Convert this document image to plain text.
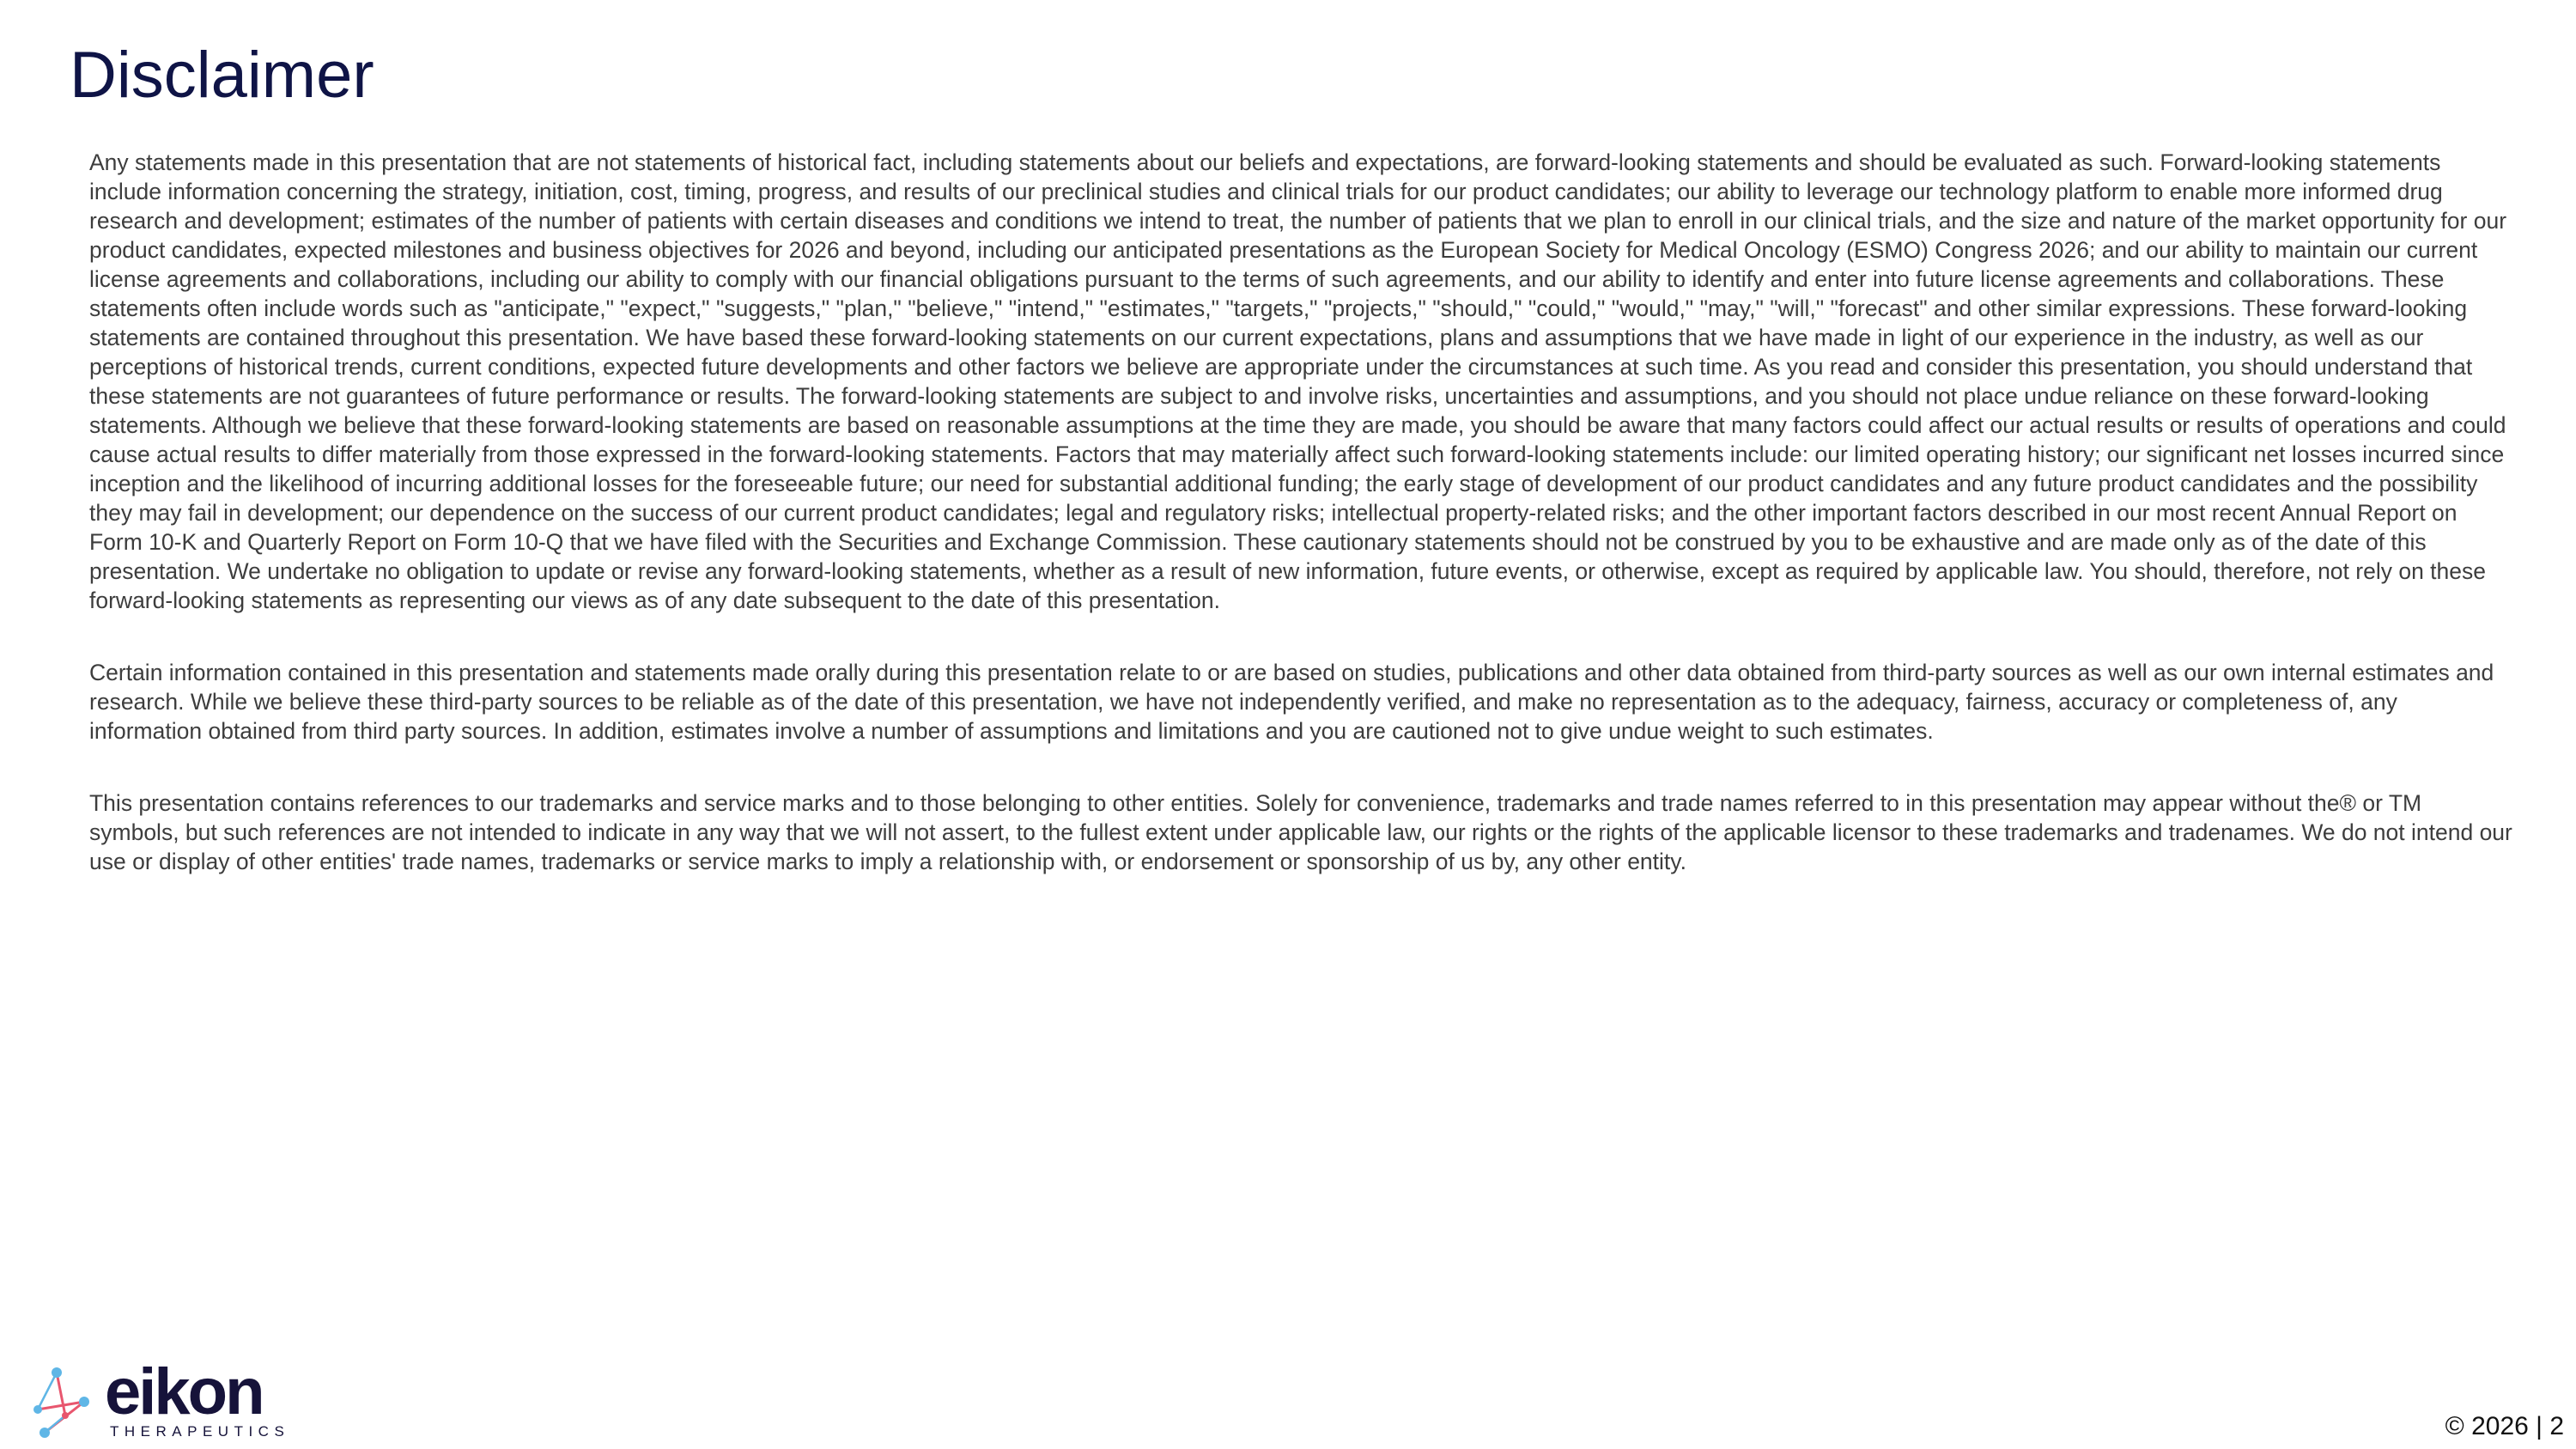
Disclaimer

Any statements made in this presentation that are not statements of historical fact, including statements about our beliefs and expectations, are forward-looking statements and should be evaluated as such. Forward-looking statements include information concerning the strategy, initiation, cost, timing, progress, and results of our preclinical studies and clinical trials for our product candidates; our ability to leverage our technology platform to enable more informed drug research and development; estimates of the number of patients with certain diseases and conditions we intend to treat, the number of patients that we plan to enroll in our clinical trials, and the size and nature of the market opportunity for our product candidates, expected milestones and business objectives for 2026 and beyond, including our anticipated presentations as the European Society for Medical Oncology (ESMO) Congress 2026; and our ability to maintain our current license agreements and collaborations, including our ability to comply with our financial obligations pursuant to the terms of such agreements, and our ability to identify and enter into future license agreements and collaborations. These statements often include words such as "anticipate," "expect," "suggests," "plan," "believe," "intend," "estimates," "targets," "projects," "should," "could," "would," "may," "will," "forecast" and other similar expressions. These forward-looking statements are contained throughout this presentation. We have based these forward-looking statements on our current expectations, plans and assumptions that we have made in light of our experience in the industry, as well as our perceptions of historical trends, current conditions, expected future developments and other factors we believe are appropriate under the circumstances at such time. As you read and consider this presentation, you should understand that these statements are not guarantees of future performance or results. The forward-looking statements are subject to and involve risks, uncertainties and assumptions, and you should not place undue reliance on these forward-looking statements. Although we believe that these forward-looking statements are based on reasonable assumptions at the time they are made, you should be aware that many factors could affect our actual results or results of operations and could cause actual results to differ materially from those expressed in the forward-looking statements. Factors that may materially affect such forward-looking statements include: our limited operating history; our significant net losses incurred since inception and the likelihood of incurring additional losses for the foreseeable future; our need for substantial additional funding; the early stage of development of our product candidates and any future product candidates and the possibility they may fail in development; our dependence on the success of our current product candidates; legal and regulatory risks; intellectual property-related risks; and the other important factors described in our most recent Annual Report on Form 10-K and Quarterly Report on Form 10-Q that we have filed with the Securities and Exchange Commission. These cautionary statements should not be construed by you to be exhaustive and are made only as of the date of this presentation. We undertake no obligation to update or revise any forward-looking statements, whether as a result of new information, future events, or otherwise, except as required by applicable law. You should, therefore, not rely on these forward-looking statements as representing our views as of any date subsequent to the date of this presentation.

Certain information contained in this presentation and statements made orally during this presentation relate to or are based on studies, publications and other data obtained from third-party sources as well as our own internal estimates and research. While we believe these third-party sources to be reliable as of the date of this presentation, we have not independently verified, and make no representation as to the adequacy, fairness, accuracy or completeness of, any information obtained from third party sources. In addition, estimates involve a number of assumptions and limitations and you are cautioned not to give undue weight to such estimates.

This presentation contains references to our trademarks and service marks and to those belonging to other entities. Solely for convenience, trademarks and trade names referred to in this presentation may appear without the® or TM symbols, but such references are not intended to indicate in any way that we will not assert, to the fullest extent under applicable law, our rights or the rights of the applicable licensor to these trademarks and tradenames. We do not intend our use or display of other entities' trade names, trademarks or service marks to imply a relationship with, or endorsement or sponsorship of us by, any other entity.

eikon
THERAPEUTICS	© 2026 | 2
